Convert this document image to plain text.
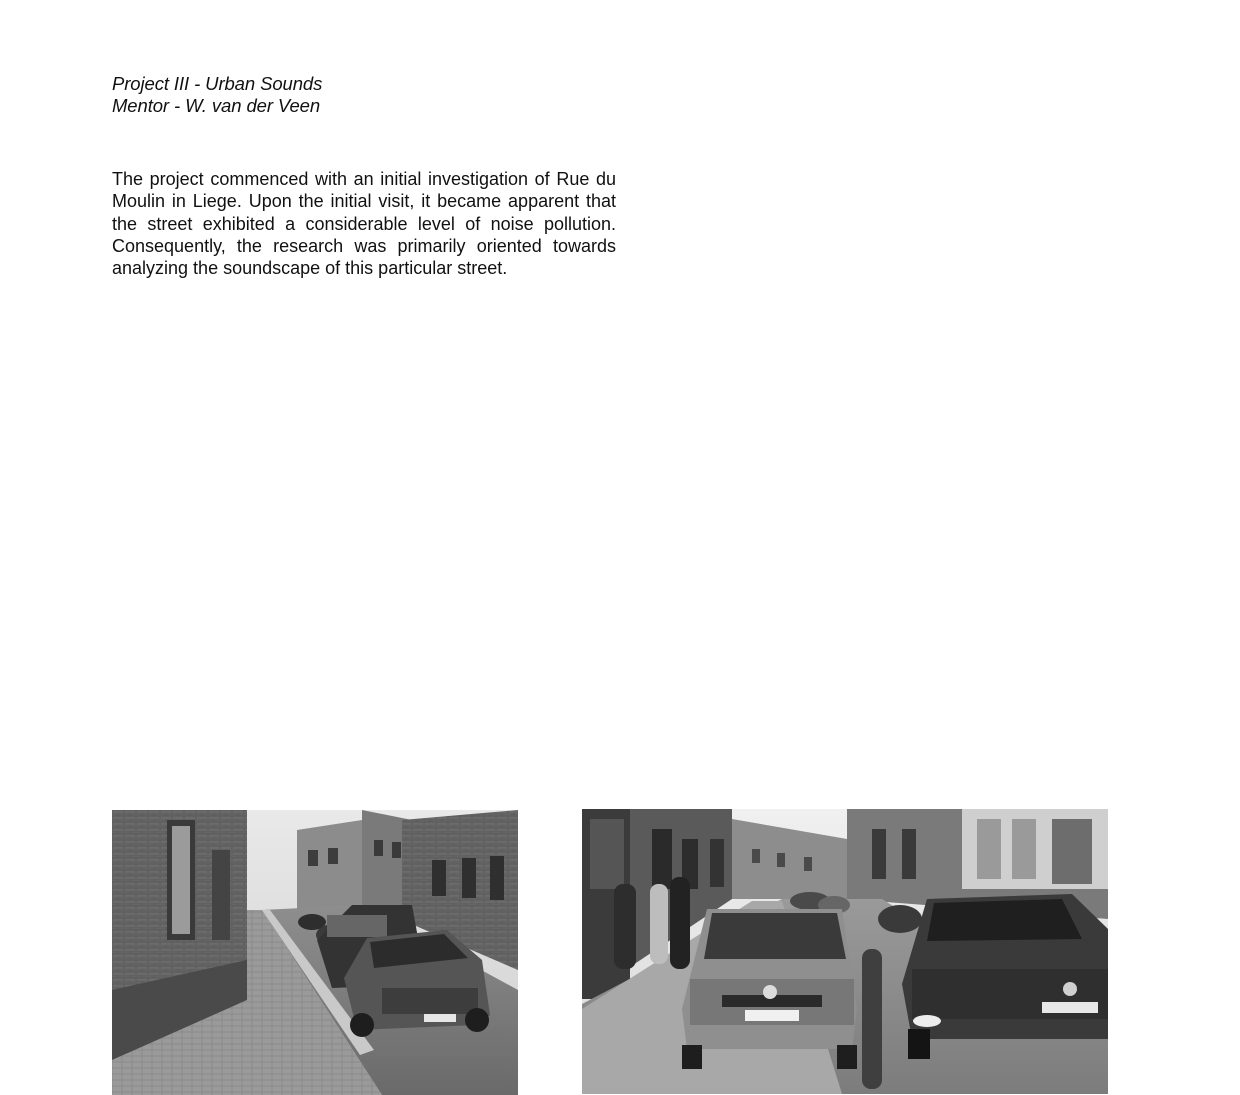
Project III - Urban Sounds
Mentor - W. van der Veen

The project commenced with an initial investigation of Rue du Moulin in Liege. Upon the initial visit, it became apparent that the street exhibited a considerable level of noise pollution. Consequently, the research was primarily oriented towards analyzing the soundscape of this particular street.
